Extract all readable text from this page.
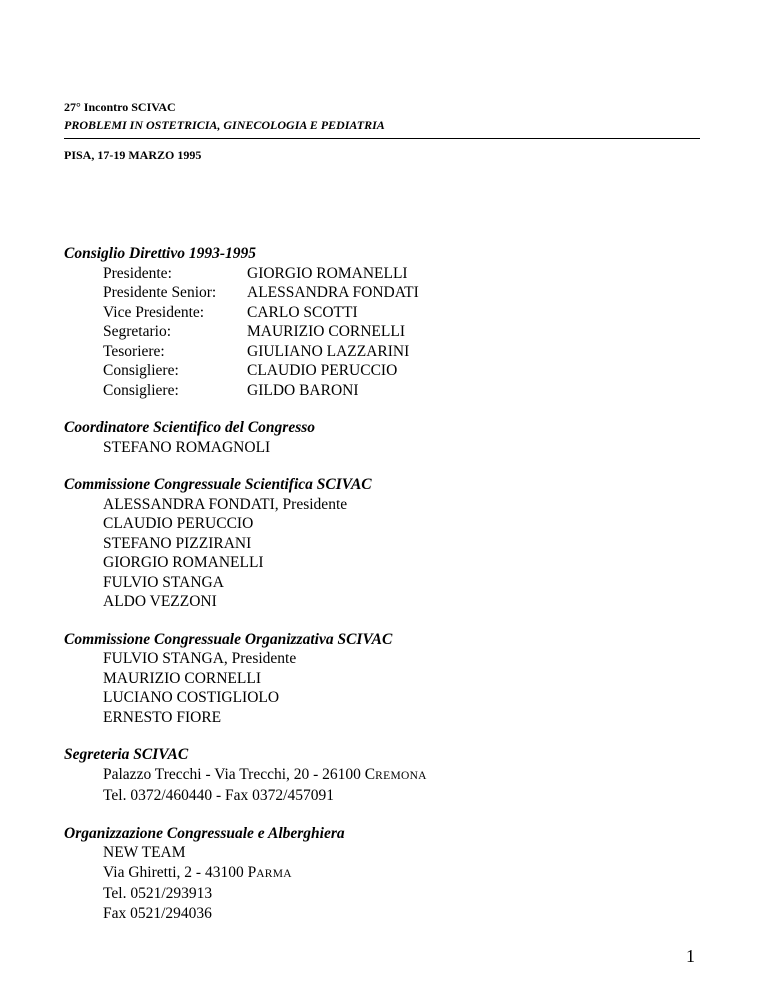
27° Incontro SCIVAC
PROBLEMI IN OSTETRICIA, GINECOLOGIA E PEDIATRIA
PISA, 17-19 MARZO 1995
Consiglio Direttivo 1993-1995
Presidente:	GIORGIO ROMANELLI
Presidente Senior:	ALESSANDRA FONDATI
Vice Presidente:	CARLO SCOTTI
Segretario:	MAURIZIO CORNELLI
Tesoriere:	GIULIANO LAZZARINI
Consigliere:	CLAUDIO PERUCCIO
Consigliere:	GILDO BARONI
Coordinatore Scientifico del Congresso
STEFANO ROMAGNOLI
Commissione Congressuale Scientifica SCIVAC
ALESSANDRA FONDATI, Presidente
CLAUDIO PERUCCIO
STEFANO PIZZIRANI
GIORGIO ROMANELLI
FULVIO STANGA
ALDO VEZZONI
Commissione Congressuale Organizzativa SCIVAC
FULVIO STANGA, Presidente
MAURIZIO CORNELLI
LUCIANO COSTIGLIOLO
ERNESTO FIORE
Segreteria SCIVAC
Palazzo Trecchi - Via Trecchi, 20 - 26100 CREMONA
Tel. 0372/460440 - Fax 0372/457091
Organizzazione Congressuale e Alberghiera
NEW TEAM
Via Ghiretti, 2 - 43100 PARMA
Tel. 0521/293913
Fax 0521/294036
1
